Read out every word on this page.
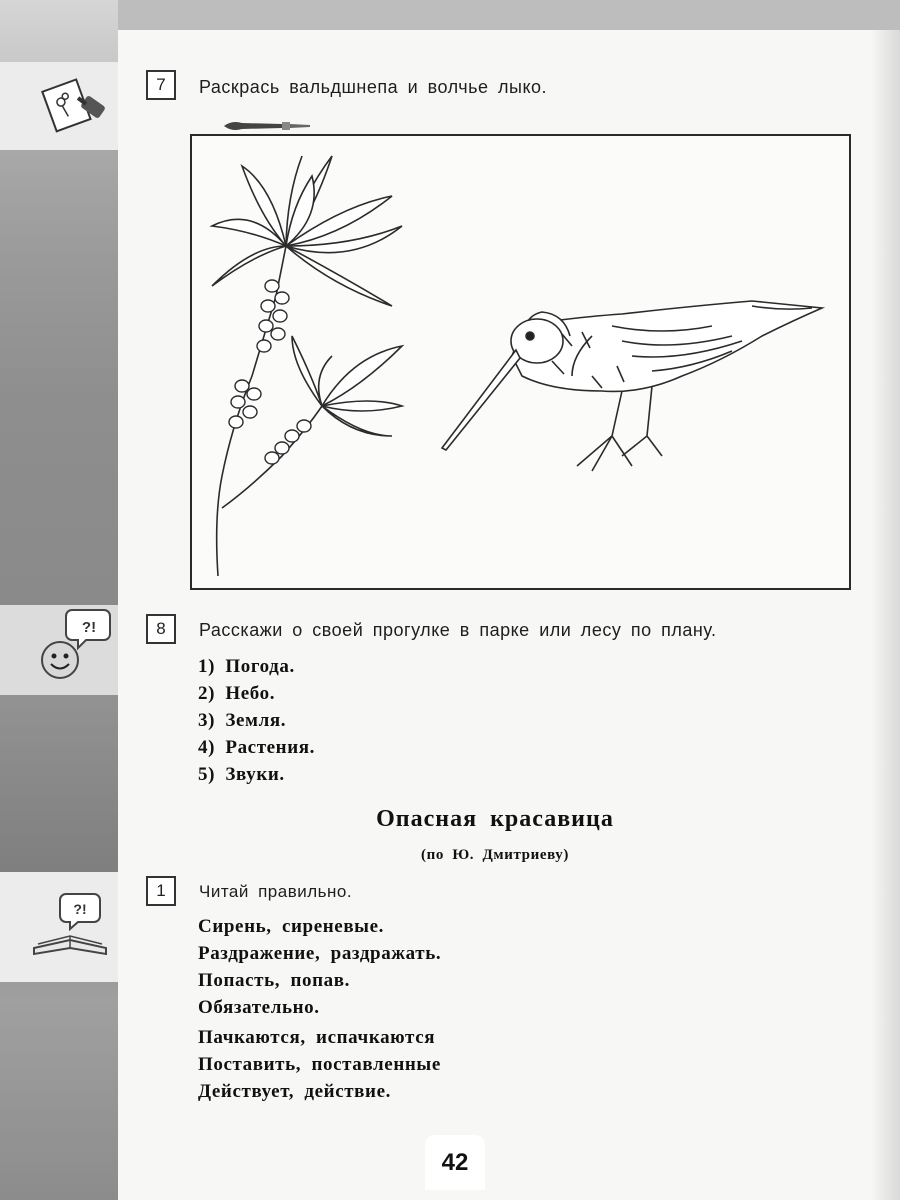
?!
?!
7	Раскрась вальдшнепа и волчье лыко.
8	Расскажи о своей прогулке в парке или лесу по плану.
1) Погода.
2) Небо.
3) Земля.
4) Растения.
5) Звуки.
Опасная красавица
(по Ю. Дмитриеву)
1	Читай правильно.
Сирень, сиреневые.
Раздражение, раздражать.
Попасть, попав.
Обязательно.
Пачкаются, испачкаются
Поставить, поставленные
Действует, действие.
42
